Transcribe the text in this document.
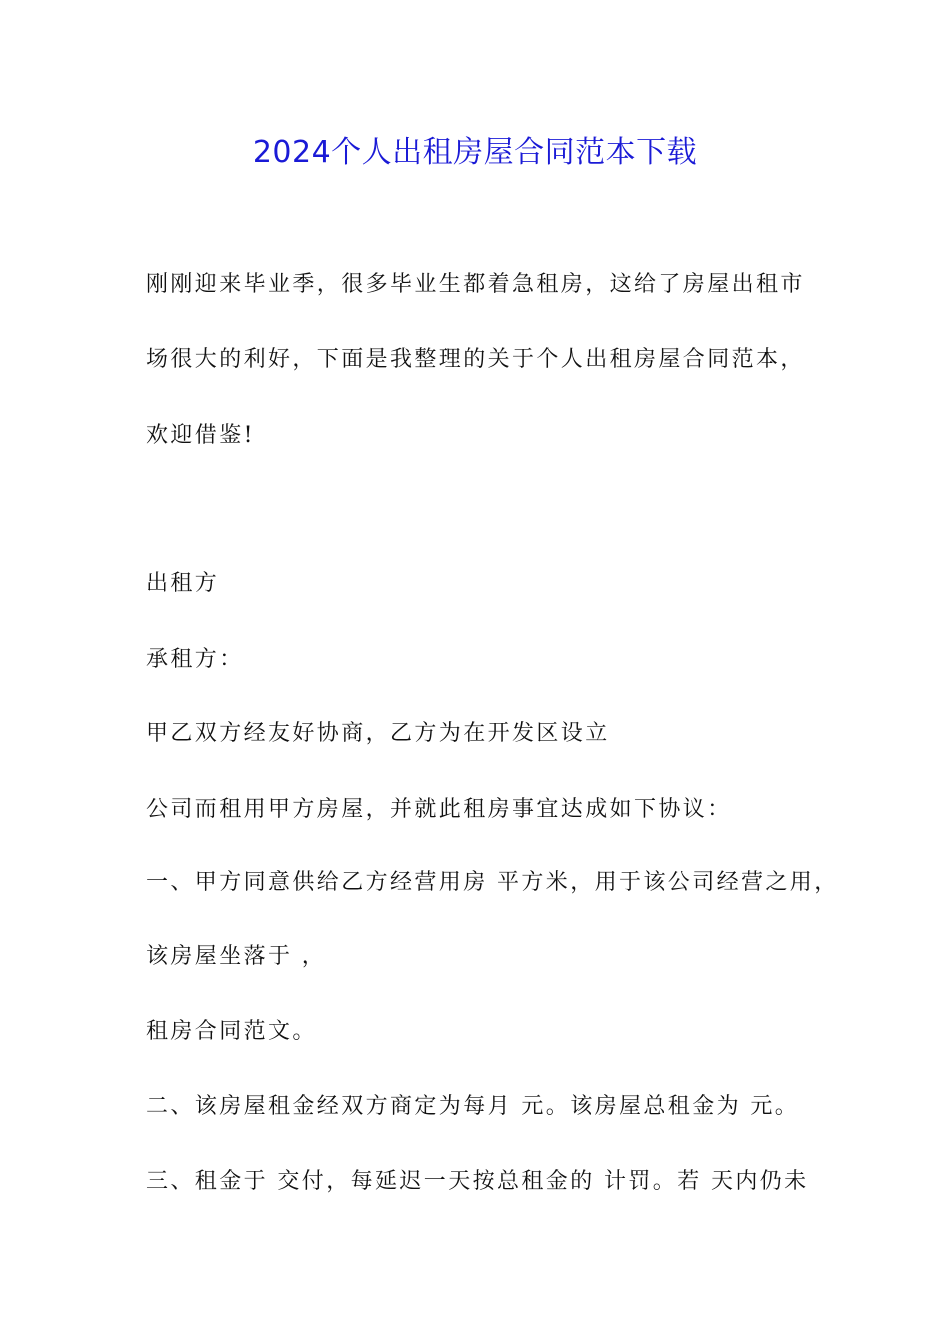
2024个人出租房屋合同范本下载
刚刚迎来毕业季，很多毕业生都着急租房，这给了房屋出租市
场很大的利好，下面是我整理的关于个人出租房屋合同范本，
欢迎借鉴!
出租方
承租方：
甲乙双方经友好协商，乙方为在开发区设立
公司而租用甲方房屋，并就此租房事宜达成如下协议：
一、甲方同意供给乙方经营用房 平方米，用于该公司经营之用，
该房屋坐落于 ，
租房合同范文。
二、该房屋租金经双方商定为每月 元。该房屋总租金为 元。
三、租金于 交付，每延迟一天按总租金的 计罚。若 天内仍未
